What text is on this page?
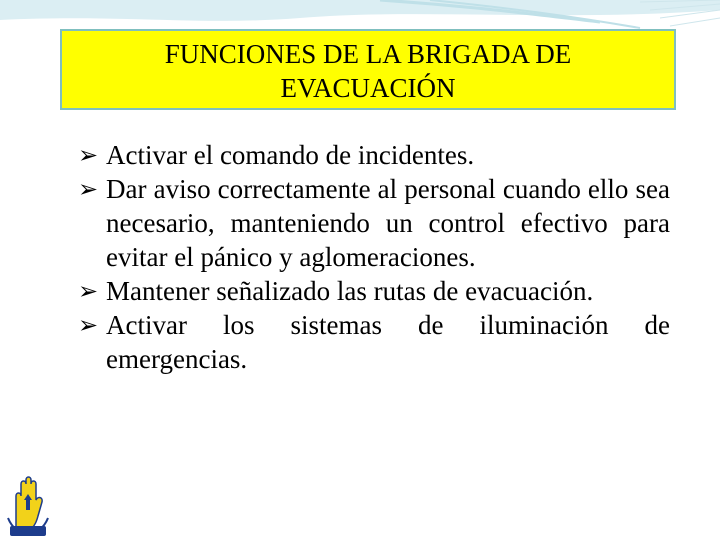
FUNCIONES DE LA BRIGADA DE
EVACUACIÓN
➢ Activar el comando de incidentes.
➢ Dar aviso correctamente al personal cuando ello sea necesario, manteniendo un control efectivo para evitar el pánico y aglomeraciones.
➢ Mantener señalizado las rutas de evacuación.
➢ Activar los sistemas de iluminación de emergencias.
